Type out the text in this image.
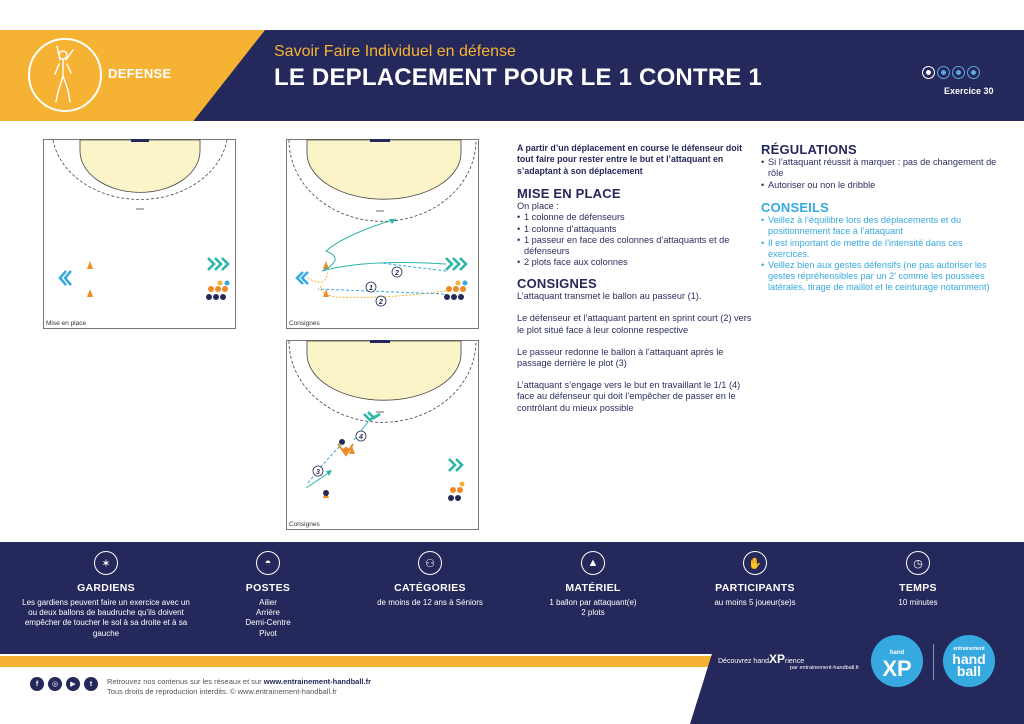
DEFENSE
Savoir Faire Individuel en défense
LE DEPLACEMENT POUR LE 1 CONTRE 1	Exercice 30
Mise en place
2
1
2
Consignes
4
3
Consignes
A partir d’un déplacement en course le défenseur doit tout faire pour rester entre le but et l’attaquant en s’adaptant à son déplacement
MISE EN PLACE
On place :
• 1 colonne de défenseurs
• 1 colonne d’attaquants
• 1 passeur en face des colonnes d’attaquants et de défenseurs
• 2 plots face aux colonnes
CONSIGNES

L’attaquant transmet le ballon au passeur (1).

Le défenseur et l’attaquant partent en sprint court (2) vers le plot situé face à leur colonne respective

Le passeur redonne le ballon à l’attaquant après le passage derrière le plot (3)

L’attaquant s’engage vers le but en travaillant le 1/1 (4) face au défenseur qui doit l’empêcher de passer en le contrôlant du mieux possible

RÉGULATIONS
• Si l’attaquant réussit à marquer : pas de changement de rôle
• Autoriser ou non le dribble
CONSEILS
• Veillez à l’équilibre lors des déplacements et du positionnement face à l’attaquant
• Il est important de mettre de l’intensité dans ces exercices.
• Veillez bien aux gestes défensifs (ne pas autoriser les gestes répréhensibles par un 2’ comme les poussées latérales, tirage de maillot et le ceinturage notamment)
✶
GARDIENS
Les gardiens peuvent faire un exercice avec un ou deux ballons de baudruche qu’ils doivent empêcher de toucher le sol à sa droite et à sa gauche
◓
POSTES
Ailier
Arrière
Demi-Centre
Pivot
⚇
CATÉGORIES
de moins de 12 ans à Séniors
▲
MATÉRIEL
1 ballon par attaquant(e)
2 plots
✋
PARTICIPANTS
au moins 5 joueur(se)s
◷
TEMPS
10 minutes
Découvrez handXPrience
par entrainement-handball.fr
hand
XP
entrainement
hand
ball
f	◎	▶	t	Retrouvez nos contenus sur les réseaux et sur www.entrainement-handball.fr
Tous droits de reproduction interdits. © www.entrainement-handball.fr
